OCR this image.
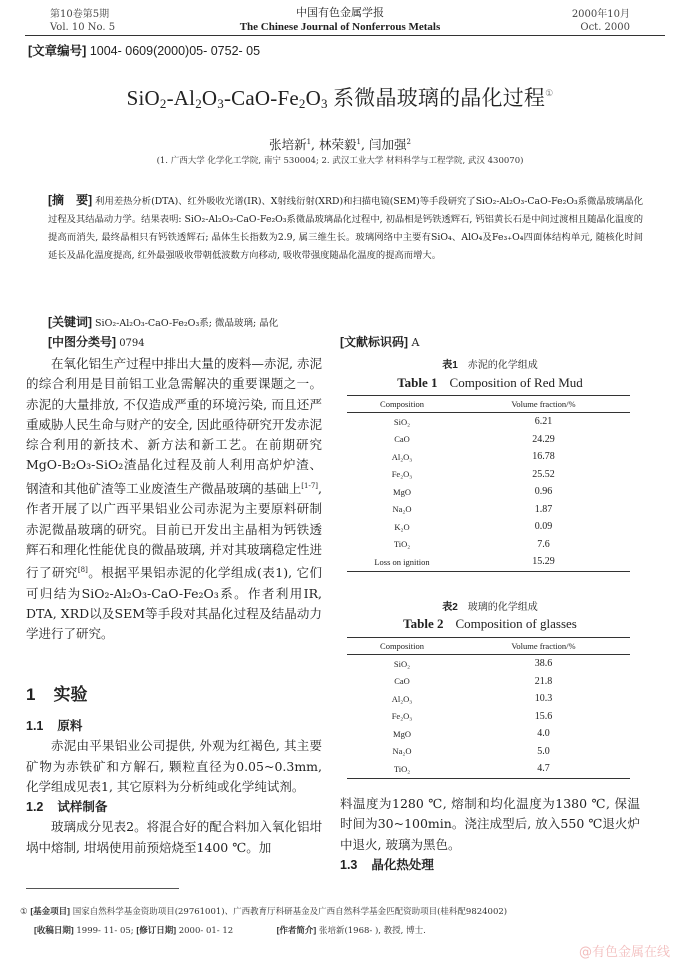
第10卷第5期
Vol. 10 No. 5
中国有色金属学报
The Chinese Journal of Nonferrous Metals
2000年10月
Oct. 2000
[文章编号] 1004- 0609(2000)05- 0752- 05
$SiO_2-Al_2O_3-CaO-Fe_2O_3$ 系微晶玻璃的晶化过程①
张培新$^1$, 林荣毅$^1$, 闫加强$^2$
(1. 广西大学 化学化工学院, 南宁 530004; 2. 武汉工业大学 材料科学与工程学院, 武汉 430070)
[摘　要] 利用差热分析(DTA)、红外吸收光谱(IR)、X射线衍射(XRD)和扫描电镜(SEM)等手段研究了SiO₂-Al₂O₃-CaO-Fe₂O₃系微晶玻璃晶化过程及其结晶动力学。结果表明: SiO₂-Al₂O₃-CaO-Fe₂O₃系微晶玻璃晶化过程中, 初晶相是钙铁透辉石, 钙铝黄长石是中间过渡相且随晶化温度的提高而消失, 最终晶相只有钙铁透辉石; 晶体生长指数为2.9, 属三维生长。玻璃网络中主要有SiO₄、AlO₄及Fe₃₊O₄四面体结构单元, 随核化时间延长及晶化温度提高, 红外最强吸收带朝低波数方向移动, 吸收带强度随晶化温度的提高而增大。
[关键词] SiO₂-Al₂O₃-CaO-Fe₂O₃系; 微晶玻璃; 晶化
[中图分类号] 0794	[文献标识码] A

在氧化铝生产过程中排出大量的废料—赤泥, 赤泥的综合利用是目前铝工业急需解决的重要课题之一。赤泥的大量排放, 不仅造成严重的环境污染, 而且还严重威胁人民生命与财产的安全, 因此亟待研究开发赤泥综合利用的新技术、新方法和新工艺。在前期研究MgO-B₂O₃-SiO₂渣晶化过程及前人利用高炉炉渣、钢渣和其他矿渣等工业废渣生产微晶玻璃的基础上[1-7], 作者开展了以广西平果铝业公司赤泥为主要原料研制赤泥微晶玻璃的研究。目前已开发出主晶相为钙铁透辉石和理化性能优良的微晶玻璃, 并对其玻璃稳定性进行了研究[8]。根据平果铝赤泥的化学组成(表1), 它们可归结为SiO₂-Al₂O₃-CaO-Fe₂O₃系。作者利用IR, DTA, XRD以及SEM等手段对其晶化过程及结晶动力学进行了研究。

1 实验
1.1 原料

赤泥由平果铝业公司提供, 外观为红褐色, 其主要矿物为赤铁矿和方解石, 颗粒直径为0.05~0.3mm, 化学组成见表1, 其它原料为分析纯或化学纯试剂。

1.2 试样制备

玻璃成分见表2。将混合好的配合料加入氧化铝坩埚中熔制, 坩埚使用前预焙烧至1400 ℃。加

表1 赤泥的化学组成
Table 1 Composition of Red Mud
Composition	Volume fraction/%
SiO₂	6.21
CaO	24.29
Al₂O₃	16.78
Fe₂O₃	25.52
MgO	0.96
Na₂O	1.87
K₂O	0.09
TiO₂	7.6
Loss on ignition	15.29
表2 玻璃的化学组成
Table 2 Composition of glasses
Composition	Volume fraction/%
SiO₂	38.6
CaO	21.8
Al₂O₃	10.3
Fe₂O₃	15.6
MgO	4.0
Na₂O	5.0
TiO₂	4.7
料温度为1280 ℃, 熔制和均化温度为1380 ℃, 保温时间为30~100min。浇注成型后, 放入550 ℃退火炉中退火, 玻璃为黑色。
1.3 晶化热处理
① [基金项目] 国家自然科学基金资助项目(29761001)、广西教育厅科研基金及广西自然科学基金匹配资助项目(桂科配9824002)
[收稿日期] 1999- 11- 05; [修订日期] 2000- 01- 12	[作者简介] 张培新(1968- ), 教授, 博士.
@有色金属在线
